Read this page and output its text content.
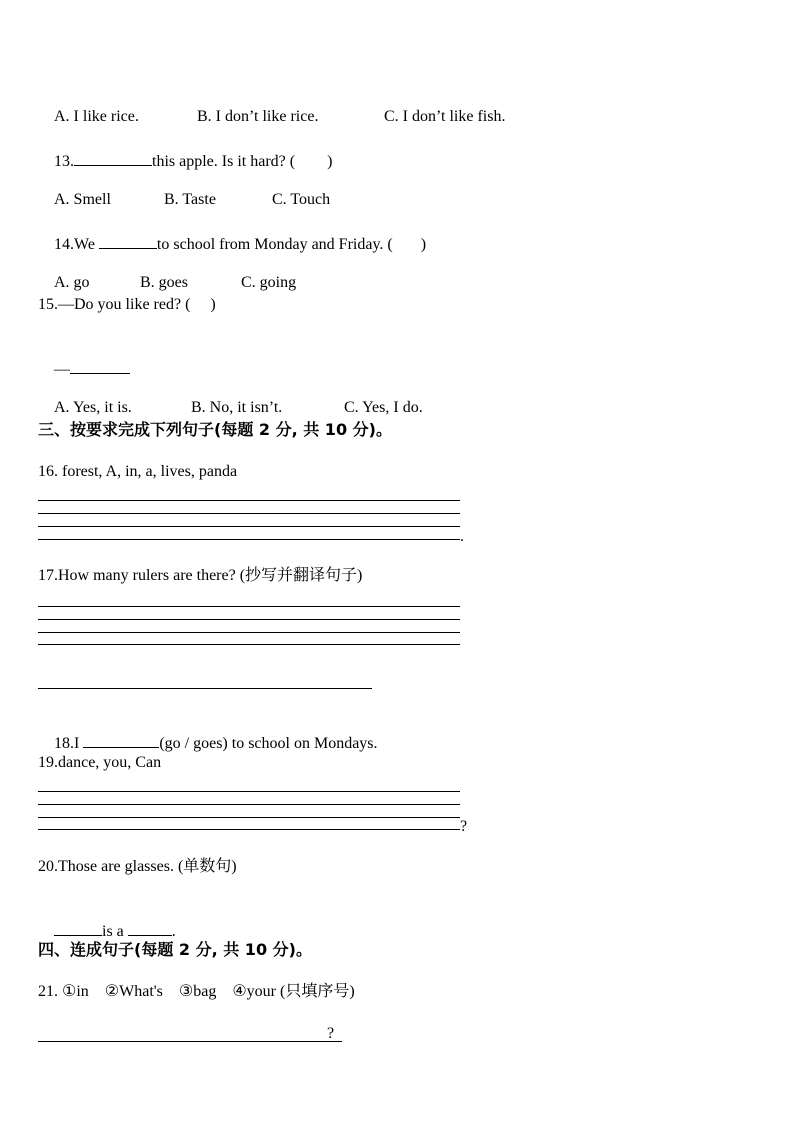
A. I like rice.	B. I don’t like rice.	C. I don’t like fish.

13.	this apple. Is it hard? (        )

A. Smell	B. Taste	C. Touch

14.We	to school from Monday and Friday. (       )

A. go	B. goes	C. going

15.—Do you like red? (     )

—

A. Yes, it is.	B. No, it isn’t.	C. Yes, I do.

三、按要求完成下列句子(每题 2 分, 共 10 分)。
16. forest, A, in, a, lives, panda
.
17.How many rulers are there? (抄写并翻译句子)

18.I	(go / goes) to school on Mondays.

19.dance, you, Can
?
20.Those are glasses. (单数句)

is a	.

四、连成句子(每题 2 分, 共 10 分)。
21. ①in    ②What's    ③bag    ④your (只填序号)
?
